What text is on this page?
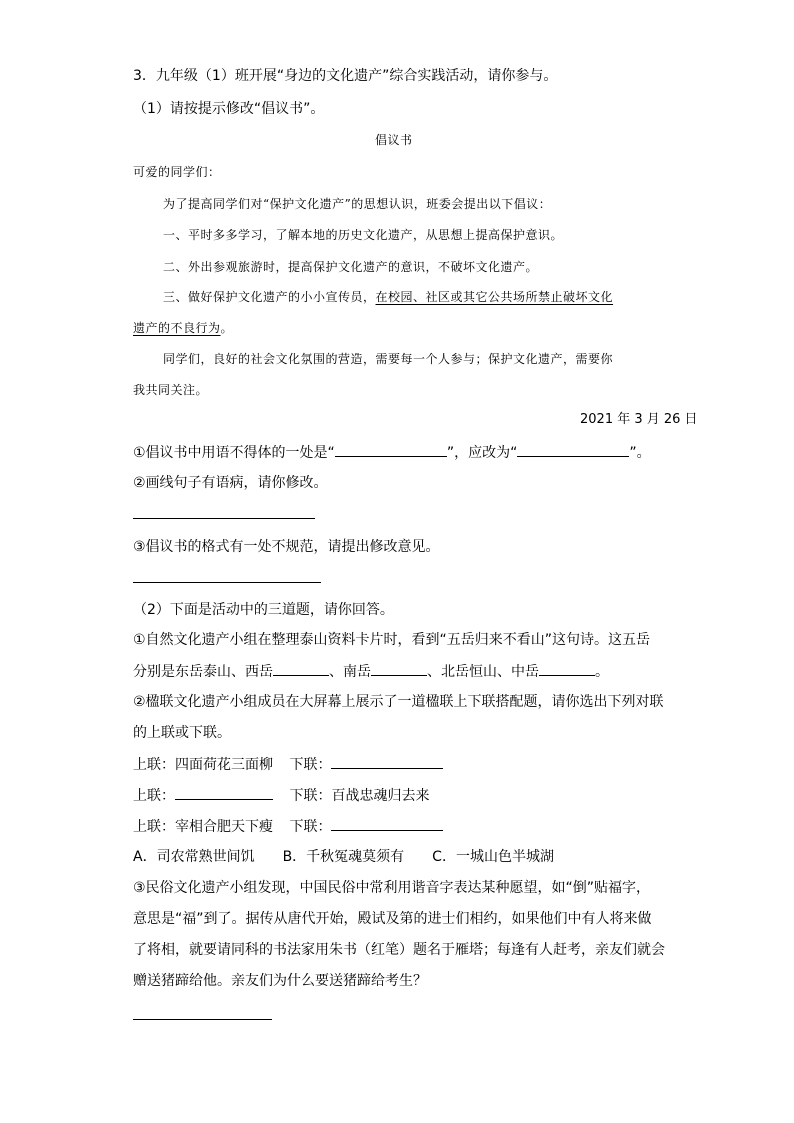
3．九年级（1）班开展“身边的文化遗产”综合实践活动，请你参与。
（1）请按提示修改“倡议书”。
倡议书
可爱的同学们：
为了提高同学们对“保护文化遗产”的思想认识，班委会提出以下倡议：
一、平时多多学习，了解本地的历史文化遗产，从思想上提高保护意识。
二、外出参观旅游时，提高保护文化遗产的意识，不破坏文化遗产。
三、做好保护文化遗产的小小宣传员，在校园、社区或其它公共场所禁止破坏文化
遗产的不良行为。
同学们，良好的社会文化氛围的营造，需要每一个人参与；保护文化遗产，需要你
我共同关注。
2021 年 3 月 26 日
①倡议书中用语不得体的一处是“	”，应改为“	”。
②画线句子有语病，请你修改。
③倡议书的格式有一处不规范，请提出修改意见。
（2）下面是活动中的三道题，请你回答。
①自然文化遗产小组在整理泰山资料卡片时，看到“五岳归来不看山”这句诗。这五岳
分别是东岳泰山、西岳	、南岳	、北岳恒山、中岳	。
②楹联文化遗产小组成员在大屏幕上展示了一道楹联上下联搭配题，请你选出下列对联
的上联或下联。
上联：四面荷花三面柳 下联：
上联：	下联：百战忠魂归去来
上联：宰相合肥天下瘦 下联：
A．司农常熟世间饥　　B．千秋冤魂莫须有　　C．一城山色半城湖
③民俗文化遗产小组发现，中国民俗中常利用谐音字表达某种愿望，如“倒”贴福字，
意思是“福”到了。据传从唐代开始，殿试及第的进士们相约，如果他们中有人将来做
了将相，就要请同科的书法家用朱书（红笔）题名于雁塔；每逢有人赶考，亲友们就会
赠送猪蹄给他。亲友们为什么要送猪蹄给考生？
